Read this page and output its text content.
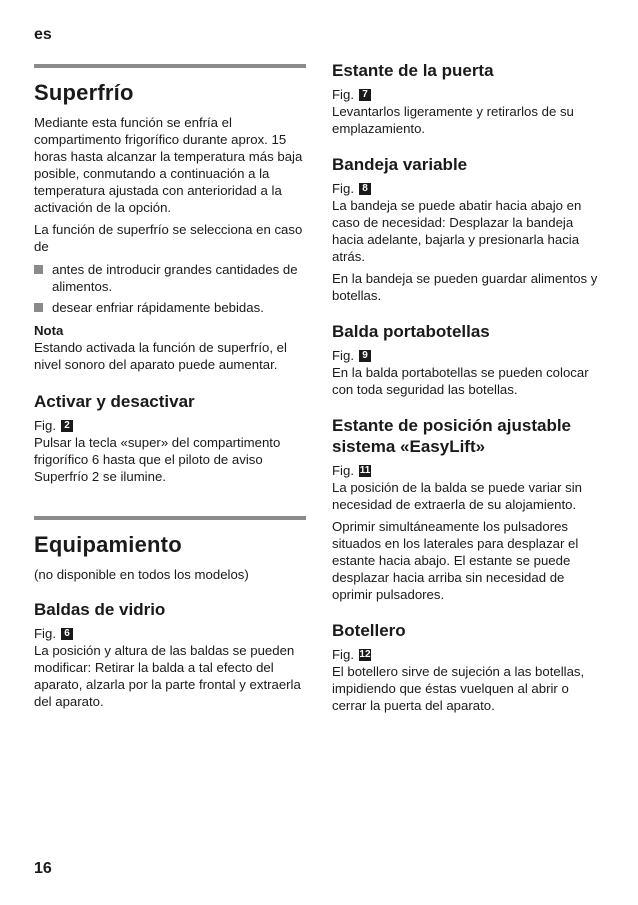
es
Superfrío

Mediante esta función se enfría el compartimento frigorífico durante aprox. 15 horas hasta alcanzar la temperatura más baja posible, conmutando a continuación a la temperatura ajustada con anterioridad a la activación de la opción.

La función de superfrío se selecciona en caso de

antes de introducir grandes cantidades de alimentos.
desear enfriar rápidamente bebidas.
Nota

Estando activada la función de superfrío, el nivel sonoro del aparato puede aumentar.

Activar y desactivar
Fig. 2

Pulsar la tecla «super» del compartimento frigorífico 6 hasta que el piloto de aviso Superfrío 2 se ilumine.

Equipamiento

(no disponible en todos los modelos)

Baldas de vidrio
Fig. 6

La posición y altura de las baldas se pueden modificar: Retirar la balda a tal efecto del aparato, alzarla por la parte frontal y extraerla del aparato.

Estante de la puerta
Fig. 7

Levantarlos ligeramente y retirarlos de su emplazamiento.

Bandeja variable
Fig. 8

La bandeja se puede abatir hacia abajo en caso de necesidad: Desplazar la bandeja hacia adelante, bajarla y presionarla hacia atrás.

En la bandeja se pueden guardar alimentos y botellas.

Balda portabotellas
Fig. 9

En la balda portabotellas se pueden colocar con toda seguridad las botellas.

Estante de posición ajustable sistema «EasyLift»
Fig. 11

La posición de la balda se puede variar sin necesidad de extraerla de su alojamiento.

Oprimir simultáneamente los pulsadores situados en los laterales para desplazar el estante hacia abajo. El estante se puede desplazar hacia arriba sin necesidad de oprimir pulsadores.

Botellero
Fig. 12

El botellero sirve de sujeción a las botellas, impidiendo que éstas vuelquen al abrir o cerrar la puerta del aparato.

16
